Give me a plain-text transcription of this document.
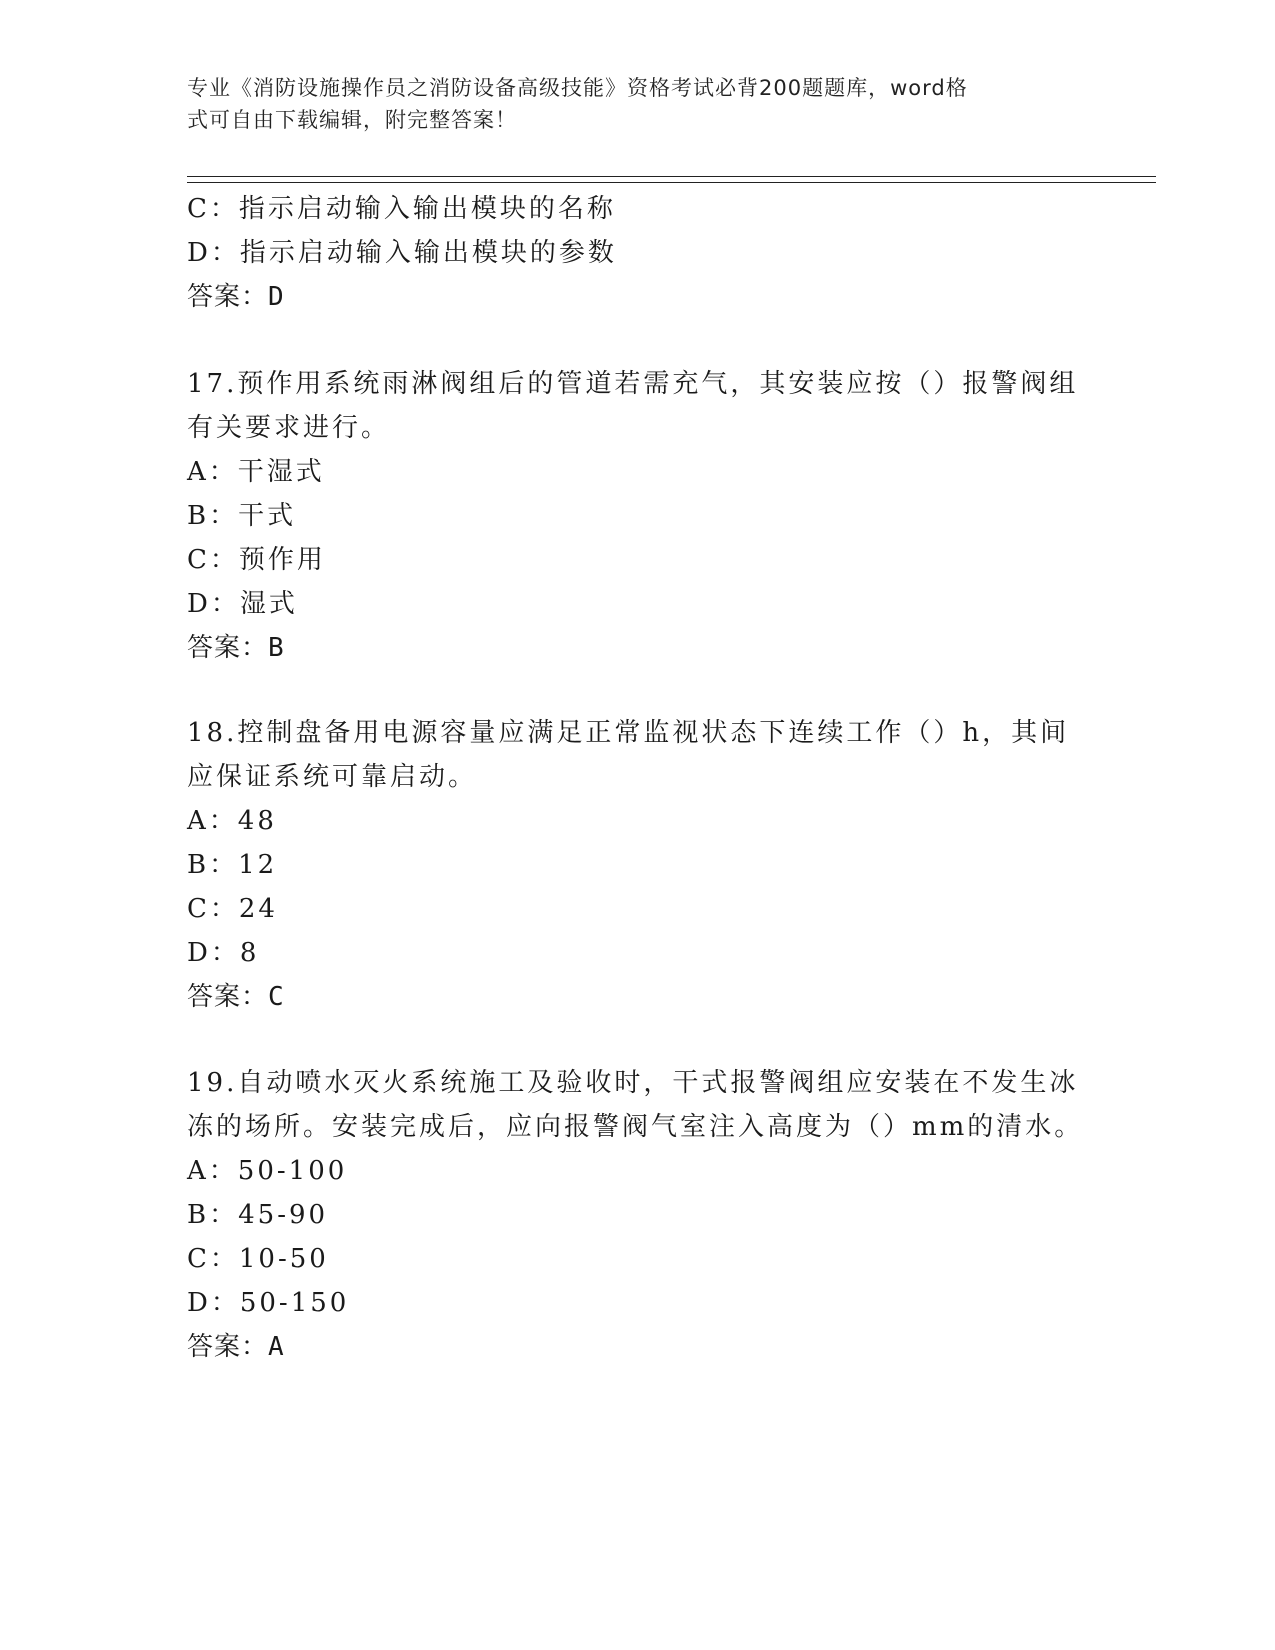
专业《消防设施操作员之消防设备高级技能》资格考试必背200题题库，word格
式可自由下载编辑，附完整答案！
C：指示启动输入输出模块的名称
D：指示启动输入输出模块的参数
答案：D
17.预作用系统雨淋阀组后的管道若需充气，其安装应按（）报警阀组
有关要求进行。
A：干湿式
B：干式
C：预作用
D：湿式
答案：B
18.控制盘备用电源容量应满足正常监视状态下连续工作（）h，其间
应保证系统可靠启动。
A：48
B：12
C：24
D：8
答案：C
19.自动喷水灭火系统施工及验收时，干式报警阀组应安装在不发生冰
冻的场所。安装完成后，应向报警阀气室注入高度为（）mm的清水。
A：50-100
B：45-90
C：10-50
D：50-150
答案：A
